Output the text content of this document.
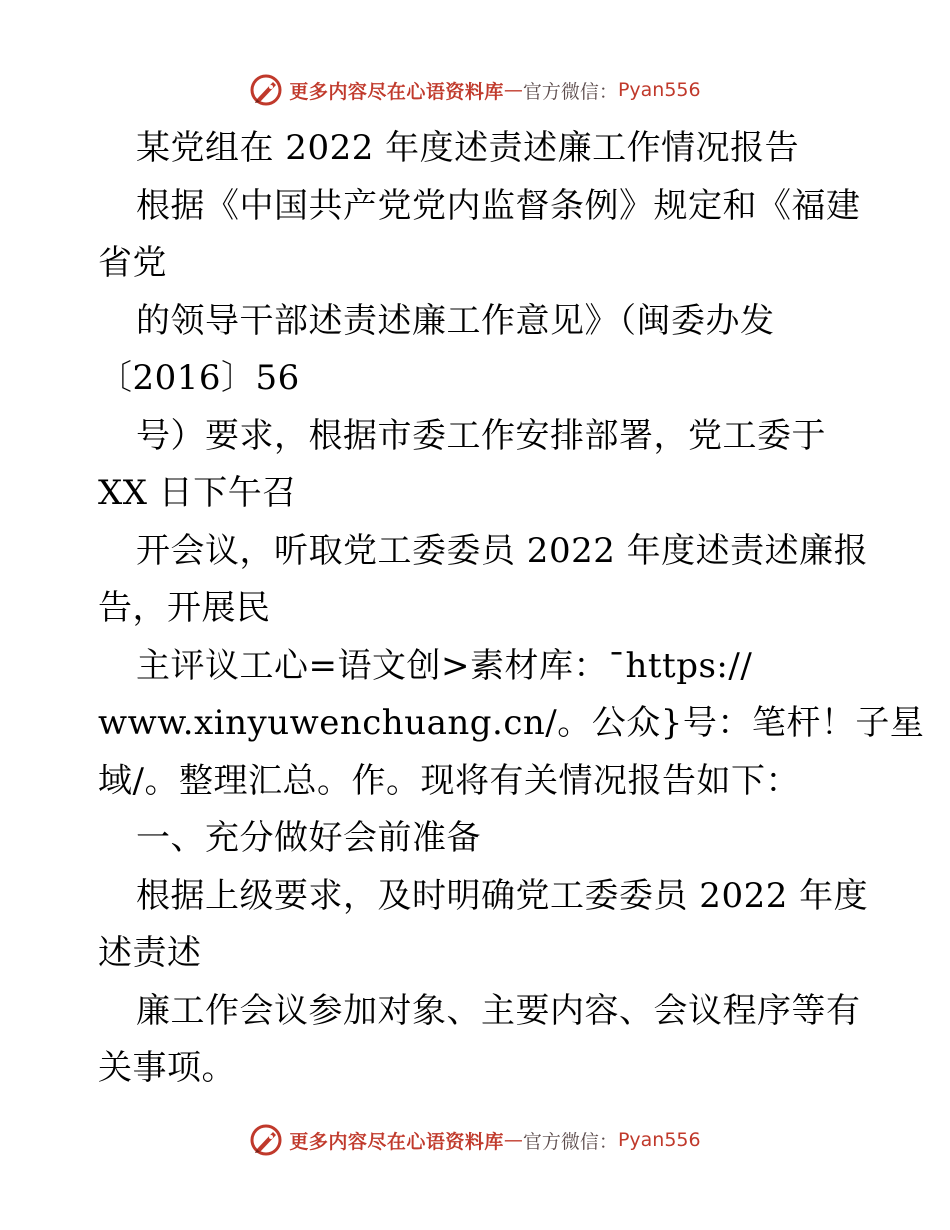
更多内容尽在心语资料库 — 官方微信： Pyan556
某党组在 2022 年度述责述廉工作情况报告
根据《中国共产党党内监督条例》规定和《福建
省党
的领导干部述责述廉工作意见》（闽委办发
〔2016〕56
号）要求，根据市委工作安排部署，党工委于
XX 日下午召
开会议，听取党工委委员 2022 年度述责述廉报
告，开展民
主评议工心=语文创>素材库：¯https://
www.xinyuwenchuang.cn/。公众}号：笔杆！子星
域/。整理汇总。作。现将有关情况报告如下：
一、充分做好会前准备
根据上级要求，及时明确党工委委员 2022 年度
述责述
廉工作会议参加对象、主要内容、会议程序等有
关事项。
更多内容尽在心语资料库 — 官方微信： Pyan556
